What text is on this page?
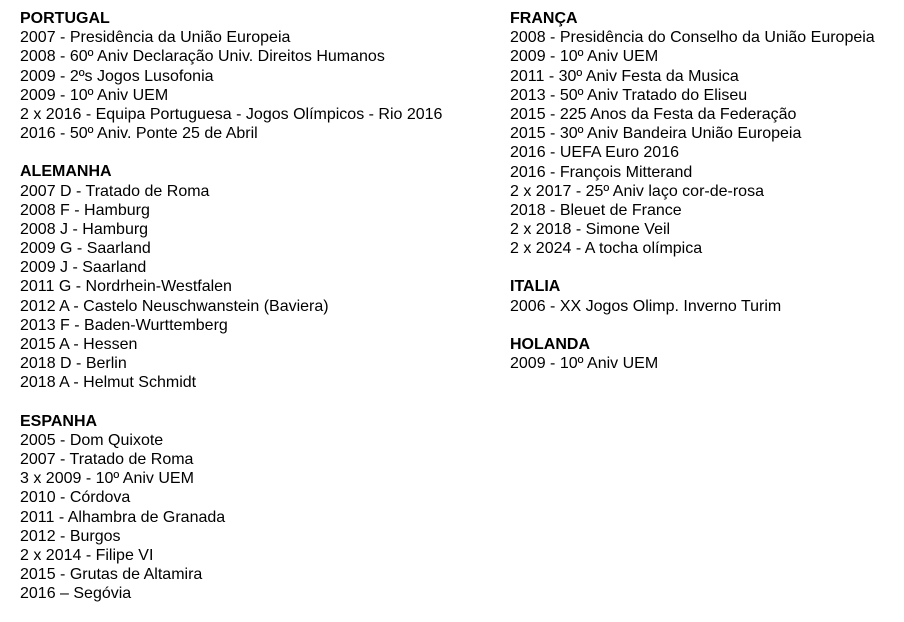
PORTUGAL
2007 - Presidência da União Europeia
2008 - 60º Aniv Declaração Univ. Direitos Humanos
2009 - 2ºs Jogos Lusofonia
2009 - 10º Aniv UEM
2 x 2016 - Equipa Portuguesa - Jogos Olímpicos - Rio 2016
2016 - 50º Aniv. Ponte 25 de Abril
ALEMANHA
2007 D - Tratado de Roma
2008 F - Hamburg
2008 J - Hamburg
2009 G - Saarland
2009 J - Saarland
2011 G - Nordrhein-Westfalen
2012 A - Castelo Neuschwanstein (Baviera)
2013 F - Baden-Wurttemberg
2015 A - Hessen
2018 D - Berlin
2018 A - Helmut Schmidt
ESPANHA
2005 - Dom Quixote
2007 - Tratado de Roma
3 x 2009 - 10º Aniv UEM
2010 - Córdova
2011 - Alhambra de Granada
2012 - Burgos
2 x 2014 - Filipe VI
2015 - Grutas de Altamira
2016 – Segóvia
FRANÇA
2008 - Presidência do Conselho da União Europeia
2009 - 10º Aniv UEM
2011 - 30º Aniv Festa da Musica
2013 - 50º Aniv Tratado do Eliseu
2015 - 225 Anos da Festa da Federação
2015 - 30º Aniv Bandeira União Europeia
2016 - UEFA Euro 2016
2016 - François Mitterand
2 x 2017 - 25º Aniv laço cor-de-rosa
2018 - Bleuet de France
2 x 2018 - Simone Veil
2 x 2024 - A tocha olímpica
ITALIA
2006 - XX Jogos Olimp. Inverno Turim
HOLANDA
2009 - 10º Aniv UEM
